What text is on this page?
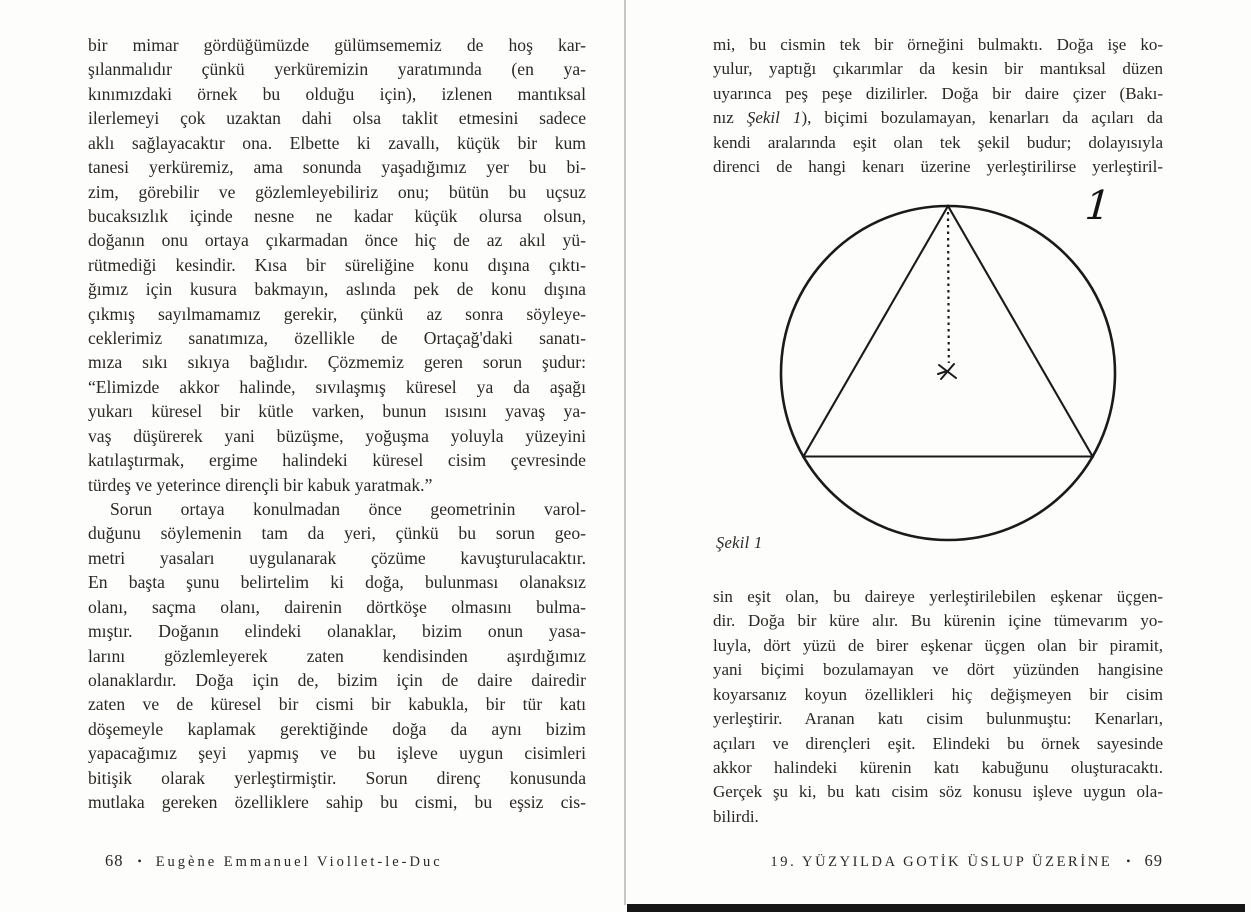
bir mimar gördüğümüzde gülümsememiz de hoş kar-
şılanmalıdır çünkü yerküremizin yaratımında (en ya-
kınımızdaki örnek bu olduğu için), izlenen mantıksal
ilerlemeyi çok uzaktan dahi olsa taklit etmesini sadece
aklı sağlayacaktır ona. Elbette ki zavallı, küçük bir kum
tanesi yerküremiz, ama sonunda yaşadığımız yer bu bi-
zim, görebilir ve gözlemleyebiliriz onu; bütün bu uçsuz
bucaksızlık içinde nesne ne kadar küçük olursa olsun,
doğanın onu ortaya çıkarmadan önce hiç de az akıl yü-
rütmediği kesindir. Kısa bir süreliğine konu dışına çıktı-
ğımız için kusura bakmayın, aslında pek de konu dışına
çıkmış sayılmamamız gerekir, çünkü az sonra söyleye-
ceklerimiz sanatımıza, özellikle de Ortaçağ'daki sanatı-
mıza sıkı sıkıya bağlıdır. Çözmemiz geren sorun şudur:
“Elimizde akkor halinde, sıvılaşmış küresel ya da aşağı
yukarı küresel bir kütle varken, bunun ısısını yavaş ya-
vaş düşürerek yani büzüşme, yoğuşma yoluyla yüzeyini
katılaştırmak, ergime halindeki küresel cisim çevresinde
türdeş ve yeterince dirençli bir kabuk yaratmak.”
Sorun ortaya konulmadan önce geometrinin varol-
duğunu söylemenin tam da yeri, çünkü bu sorun geo-
metri yasaları uygulanarak çözüme kavuşturulacaktır.
En başta şunu belirtelim ki doğa, bulunması olanaksız
olanı, saçma olanı, dairenin dörtköşe olmasını bulma-
mıştır. Doğanın elindeki olanaklar, bizim onun yasa-
larını gözlemleyerek zaten kendisinden aşırdığımız
olanaklardır. Doğa için de, bizim için de daire dairedir
zaten ve de küresel bir cismi bir kabukla, bir tür katı
döşemeyle kaplamak gerektiğinde doğa da aynı bizim
yapacağımız şeyi yapmış ve bu işleve uygun cisimleri
bitişik olarak yerleştirmiştir. Sorun direnç konusunda
mutlaka gereken özelliklere sahip bu cismi, bu eşsiz cis-
mi, bu cismin tek bir örneğini bulmaktı. Doğa işe ko-
yulur, yaptığı çıkarımlar da kesin bir mantıksal düzen
uyarınca peş peşe dizilirler. Doğa bir daire çizer (Bakı-
nız Şekil 1), biçimi bozulamayan, kenarları da açıları da
kendi aralarında eşit olan tek şekil budur; dolayısıyla
direnci de hangi kenarı üzerine yerleştirilirse yerleştiril-
1
Şekil 1
sin eşit olan, bu daireye yerleştirilebilen eşkenar üçgen-
dir. Doğa bir küre alır. Bu kürenin içine tümevarım yo-
luyla, dört yüzü de birer eşkenar üçgen olan bir piramit,
yani biçimi bozulamayan ve dört yüzünden hangisine
koyarsanız koyun özellikleri hiç değişmeyen bir cisim
yerleştirir. Aranan katı cisim bulunmuştu: Kenarları,
açıları ve dirençleri eşit. Elindeki bu örnek sayesinde
akkor halindeki kürenin katı kabuğunu oluşturacaktı.
Gerçek şu ki, bu katı cisim söz konusu işleve uygun ola-
bilirdi.
68	• Eugène Emmanuel Viollet-le-Duc	19. YÜZYILDA GOTİK ÜSLUP ÜZERİNE	• 69
